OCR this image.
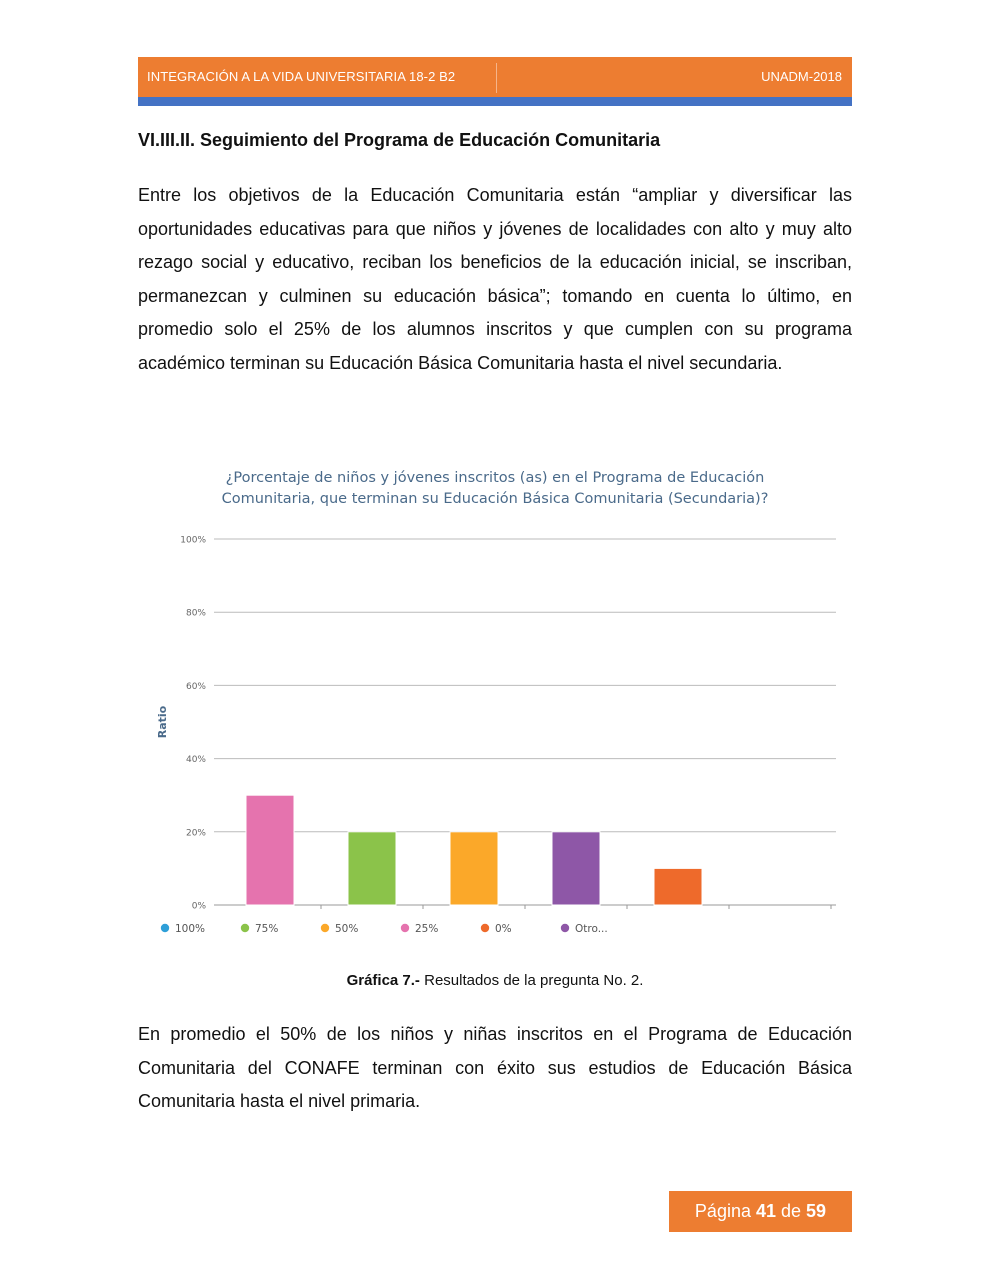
INTEGRACIÓN A LA VIDA UNIVERSITARIA 18-2 B2	UNADM-2018
VI.III.II. Seguimiento del Programa de Educación Comunitaria

Entre los objetivos de la Educación Comunitaria están “ampliar y diversificar las oportunidades educativas para que niños y jóvenes de localidades con alto y muy alto rezago social y educativo, reciban los beneficios de la educación inicial, se inscriban, permanezcan y culminen su educación básica”; tomando en cuenta lo último, en promedio solo el 25% de los alumnos inscritos y que cumplen con su programa académico terminan su Educación Básica Comunitaria hasta el nivel secundaria.

¿Porcentaje de niños y jóvenes inscritos (as) en el Programa de Educación
Comunitaria, que terminan su Educación Básica Comunitaria (Secundaria)?
0%
20%
40%
60%
80%
100%
Ratio
100%	75%	50%	25%	0%	Otro...
Gráfica 7.- Resultados de la pregunta No. 2.

En promedio el 50% de los niños y niñas inscritos en el Programa de Educación Comunitaria del CONAFE terminan con éxito sus estudios de Educación Básica Comunitaria hasta el nivel primaria.

Página 41 de 59
